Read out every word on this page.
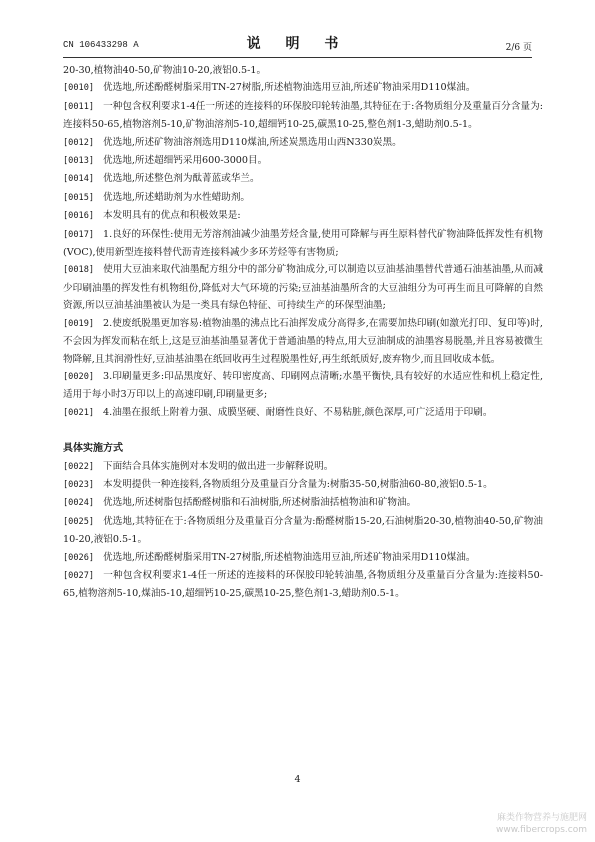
CN 106433298 A	说 明 书	2/6 页

20-30,植物油40-50,矿物油10-20,液铝0.5-1。

[0010] 优选地,所述酚醛树脂采用TN-27树脂,所述植物油选用豆油,所述矿物油采用D110煤油。

[0011] 一种包含权利要求1-4任一所述的连接料的环保胶印轮转油墨,其特征在于:各物质组分及重量百分含量为:连接料50-65,植物溶剂5-10,矿物油溶剂5-10,超细钙10-25,碳黑10-25,整色剂1-3,蜡助剂0.5-1。

[0012] 优选地,所述矿物油溶剂选用D110煤油,所述炭黑选用山西N330炭黑。

[0013] 优选地,所述超细钙采用600-3000目。

[0014] 优选地,所述整色剂为酞菁蓝或华兰。

[0015] 优选地,所述蜡助剂为水性蜡助剂。

[0016] 本发明具有的优点和积极效果是:

[0017] 1.良好的环保性:使用无芳溶剂油减少油墨芳烃含量,使用可降解与再生原料替代矿物油降低挥发性有机物(VOC),使用新型连接料替代沥青连接料减少多环芳烃等有害物质;

[0018] 使用大豆油来取代油墨配方组分中的部分矿物油成分,可以制造以豆油基油墨替代普通石油基油墨,从而减少印刷油墨的挥发性有机物组份,降低对大气环境的污染;豆油基油墨所含的大豆油组分为可再生而且可降解的自然资源,所以豆油基油墨被认为是一类具有绿色特征、可持续生产的环保型油墨;

[0019] 2.使废纸脱墨更加容易:植物油墨的沸点比石油挥发成分高得多,在需要加热印刷(如激光打印、复印等)时,不会因为挥发而粘在纸上,这是豆油基油墨显著优于普通油墨的特点,用大豆油制成的油墨容易脱墨,并且容易被微生物降解,且其润滑性好,豆油基油墨在纸回收再生过程脱墨性好,再生纸纸质好,废弃物少,而且回收成本低。

[0020] 3.印刷量更多:印品黑度好、转印密度高、印刷网点清晰;水墨平衡快,具有较好的水适应性和机上稳定性,适用于每小时3万印以上的高速印刷,印刷量更多;

[0021] 4.油墨在报纸上附着力强、成膜坚硬、耐磨性良好、不易粘脏,颜色深厚,可广泛适用于印刷。

具体实施方式

[0022] 下面结合具体实施例对本发明的做出进一步解释说明。

[0023] 本发明提供一种连接料,各物质组分及重量百分含量为:树脂35-50,树脂油60-80,液铝0.5-1。

[0024] 优选地,所述树脂包括酚醛树脂和石油树脂,所述树脂油括植物油和矿物油。

[0025] 优选地,其特征在于:各物质组分及重量百分含量为:酚醛树脂15-20,石油树脂20-30,植物油40-50,矿物油10-20,液铝0.5-1。

[0026] 优选地,所述酚醛树脂采用TN-27树脂,所述植物油选用豆油,所述矿物油采用D110煤油。

[0027] 一种包含权利要求1-4任一所述的连接料的环保胶印轮转油墨,各物质组分及重量百分含量为:连接料50-65,植物溶剂5-10,煤油5-10,超细钙10-25,碳黑10-25,整色剂1-3,蜡助剂0.5-1。

4
麻类作物营养与施肥网
www.fibercrops.com
